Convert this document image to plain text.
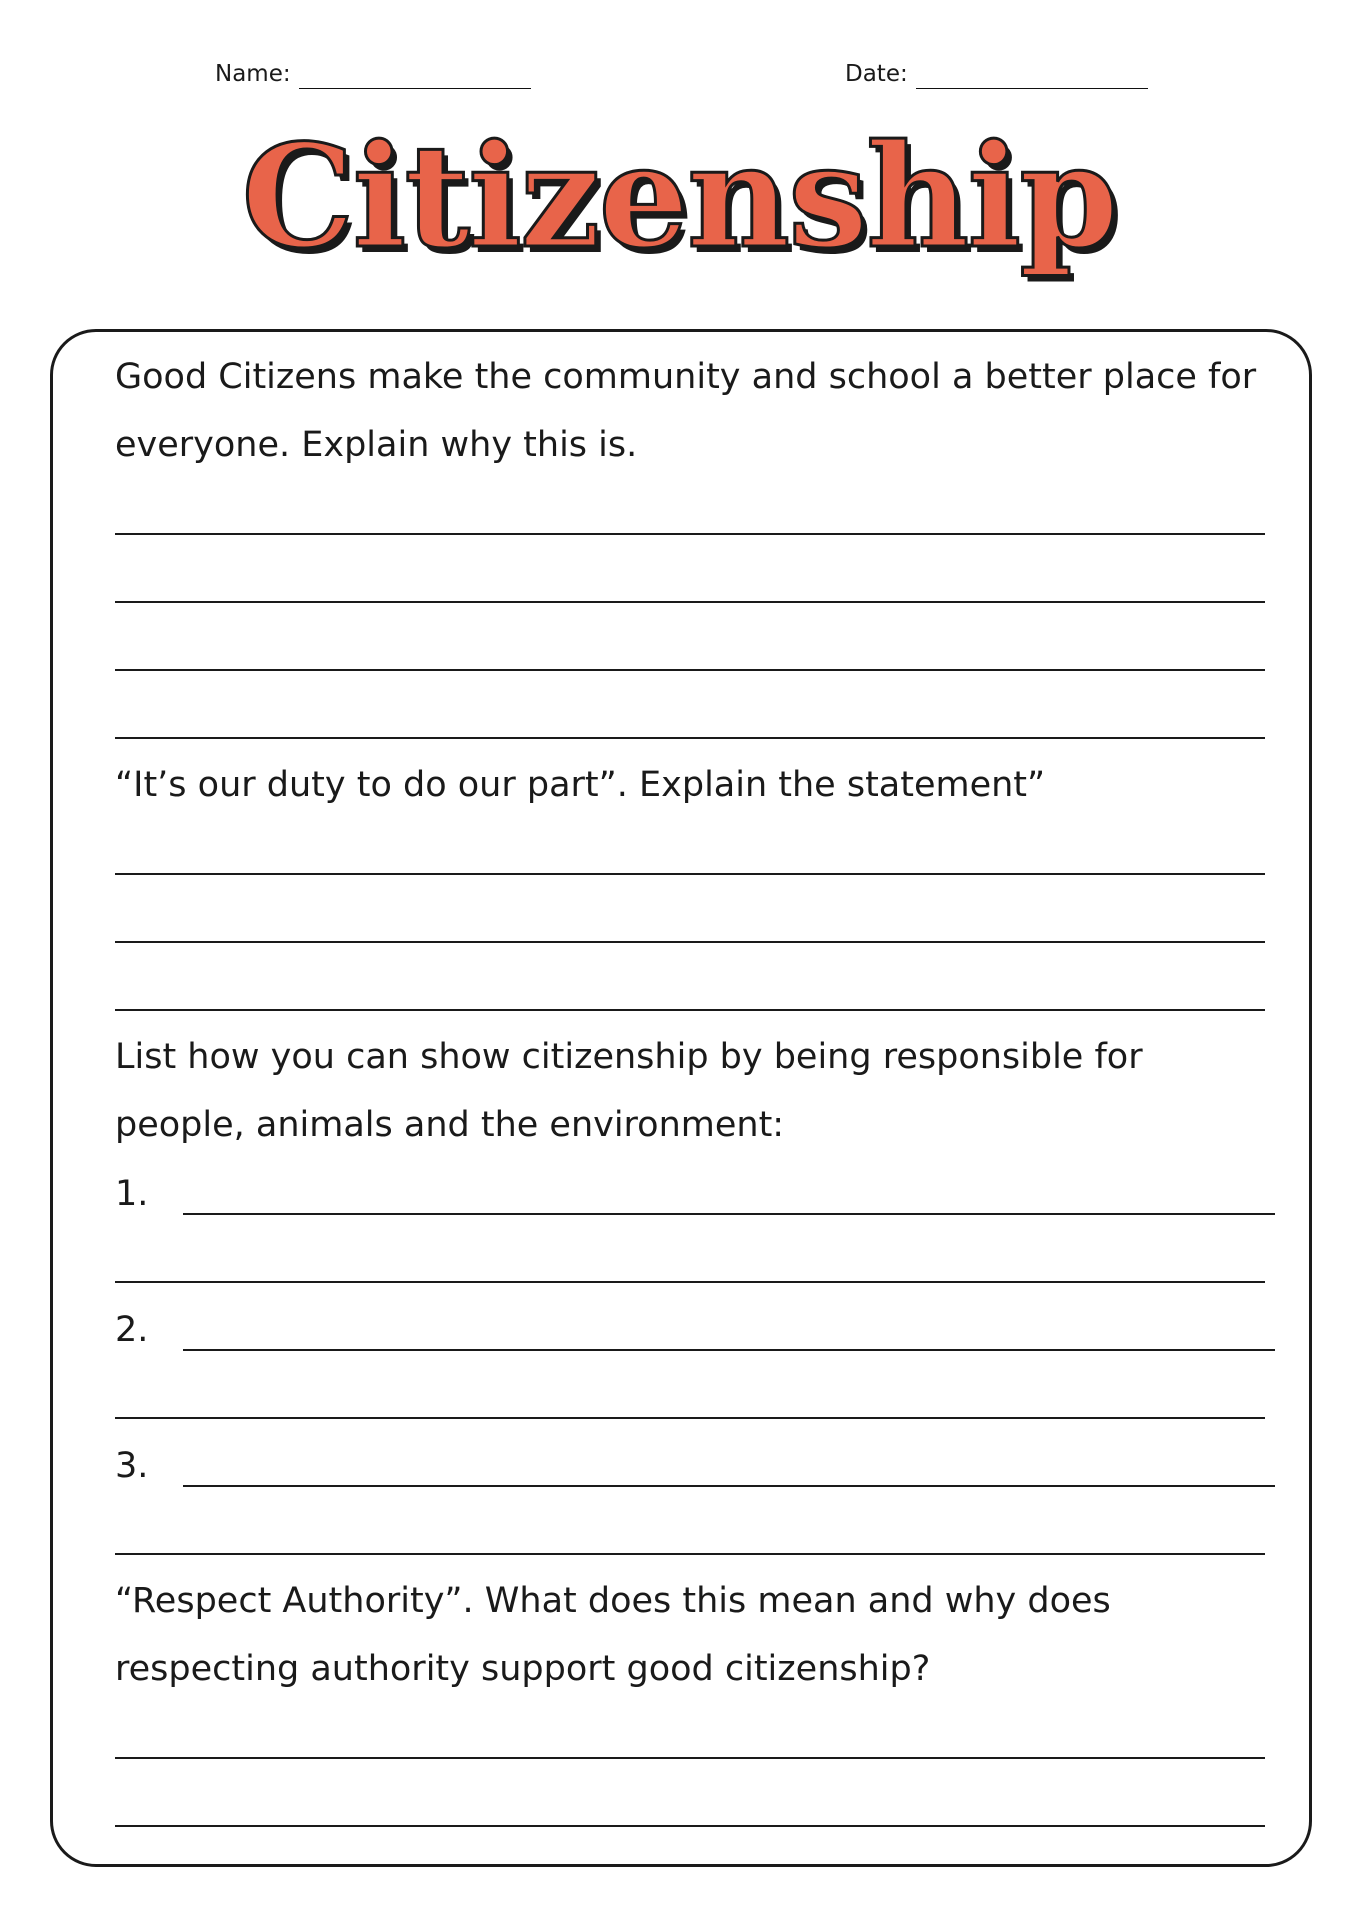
Name:	Date:
Citizenship
Good Citizens make the community and school a better place for everyone. Explain why this is.
“It’s our duty to do our part”. Explain the statement”
List how you can show citizenship by being responsible for people, animals and the environment:
1.
2.
3.
“Respect Authority”. What does this mean and why does respecting authority support good citizenship?
